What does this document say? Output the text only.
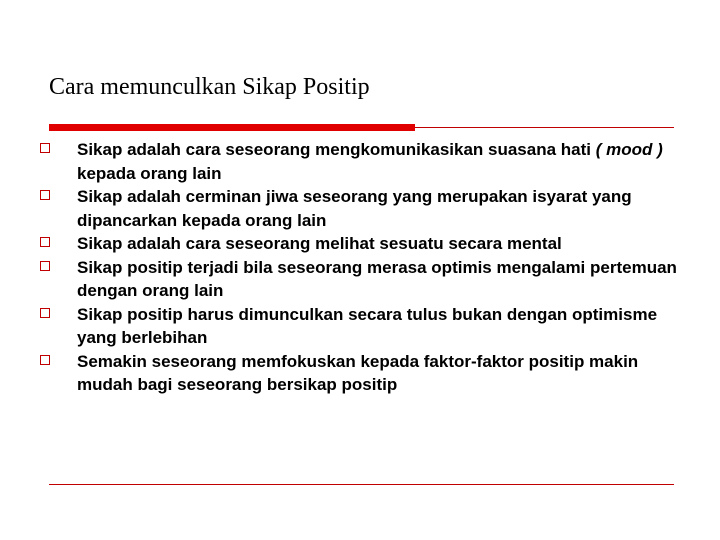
Cara memunculkan Sikap Positip
Sikap adalah cara seseorang mengkomunikasikan suasana hati ( mood ) kepada orang lain
Sikap adalah cerminan jiwa seseorang yang merupakan isyarat yang dipancarkan kepada orang lain
Sikap adalah cara seseorang melihat sesuatu secara mental
Sikap positip terjadi bila seseorang merasa optimis mengalami pertemuan dengan orang lain
Sikap positip harus dimunculkan secara tulus bukan dengan optimisme yang berlebihan
Semakin seseorang memfokuskan kepada faktor-faktor positip makin mudah bagi seseorang bersikap positip
